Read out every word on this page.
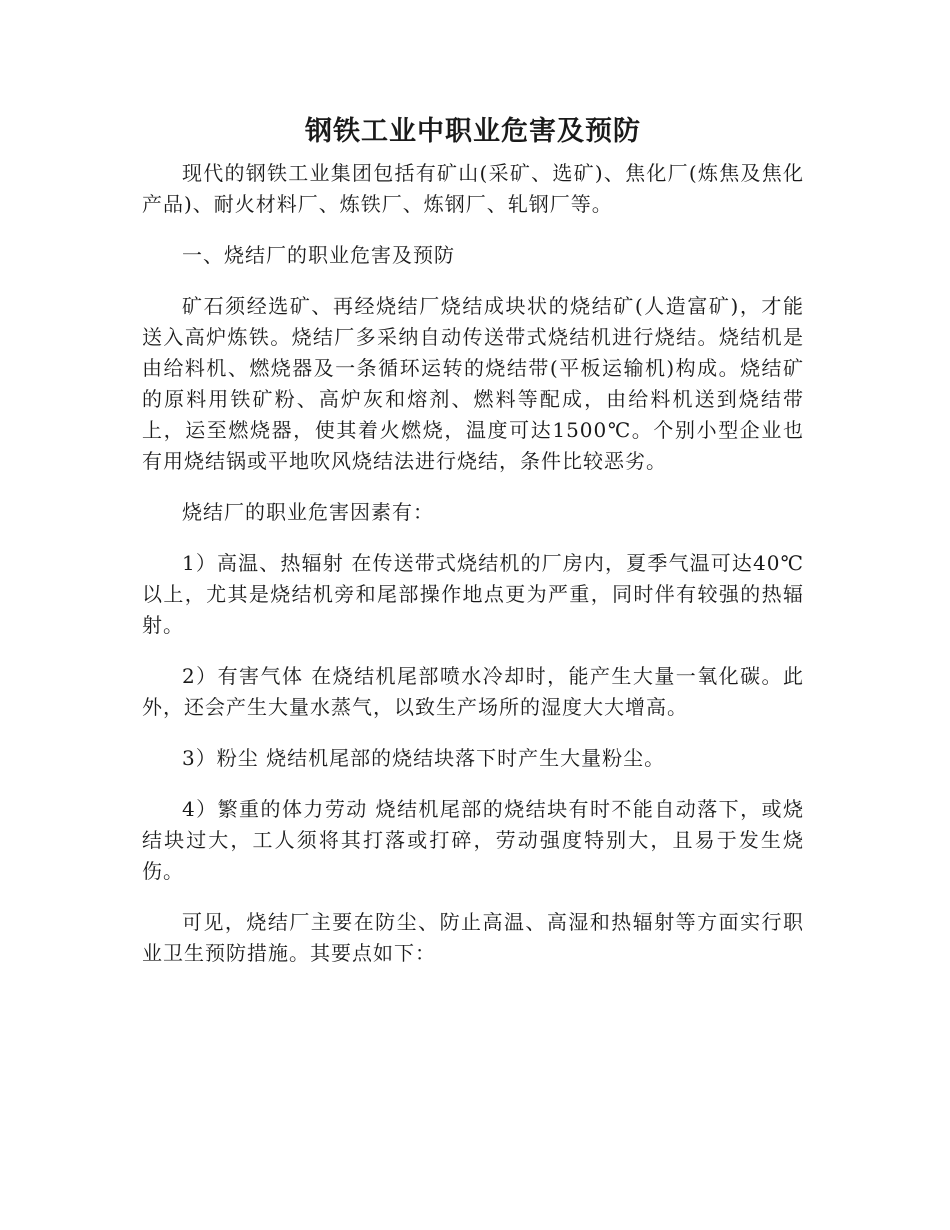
钢铁工业中职业危害及预防

现代的钢铁工业集团包括有矿山(采矿、选矿)、焦化厂(炼焦及焦化产品)、耐火材料厂、炼铁厂、炼钢厂、轧钢厂等。

一、烧结厂的职业危害及预防

矿石须经选矿、再经烧结厂烧结成块状的烧结矿(人造富矿)，才能送入高炉炼铁。烧结厂多采纳自动传送带式烧结机进行烧结。烧结机是由给料机、燃烧器及一条循环运转的烧结带(平板运输机)构成。烧结矿的原料用铁矿粉、高炉灰和熔剂、燃料等配成，由给料机送到烧结带上，运至燃烧器，使其着火燃烧，温度可达1500℃。个别小型企业也有用烧结锅或平地吹风烧结法进行烧结，条件比较恶劣。

烧结厂的职业危害因素有：

1）高温、热辐射 在传送带式烧结机的厂房内，夏季气温可达40℃以上，尤其是烧结机旁和尾部操作地点更为严重，同时伴有较强的热辐射。

2）有害气体 在烧结机尾部喷水冷却时，能产生大量一氧化碳。此外，还会产生大量水蒸气，以致生产场所的湿度大大增高。

3）粉尘 烧结机尾部的烧结块落下时产生大量粉尘。

4）繁重的体力劳动 烧结机尾部的烧结块有时不能自动落下，或烧结块过大，工人须将其打落或打碎，劳动强度特别大，且易于发生烧伤。

可见，烧结厂主要在防尘、防止高温、高湿和热辐射等方面实行职业卫生预防措施。其要点如下：
